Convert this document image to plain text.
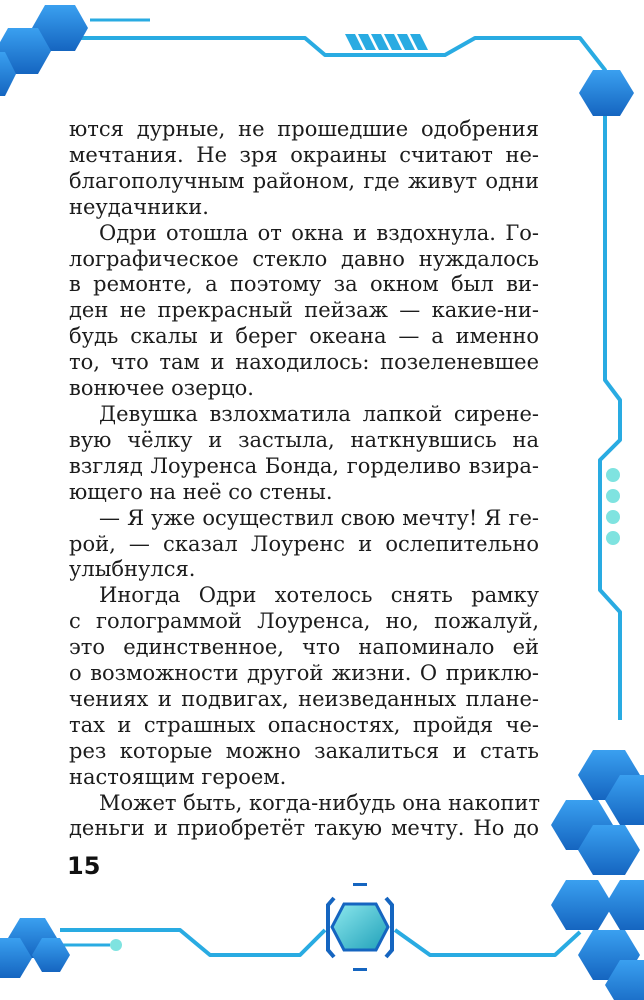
ются дурные, не прошедшие одобрения
мечтания. Не зря окраины считают не-
благополучным районом, где живут одни
неудачники.

Одри отошла от окна и вздохнула. Го-
лографическое стекло давно нуждалось
в ремонте, а поэтому за окном был ви-
ден не прекрасный пейзаж — какие-ни-
будь скалы и берег океана — а именно
то, что там и находилось: позеленевшее
вонючее озерцо.

Девушка взлохматила лапкой сирене-
вую чёлку и застыла, наткнувшись на
взгляд Лоуренса Бонда, горделиво взира-
ющего на неё со стены.

— Я уже осуществил свою мечту! Я ге-
рой, — сказал Лоуренс и ослепительно
улыбнулся.

Иногда Одри хотелось снять рамку
с голограммой Лоуренса, но, пожалуй,
это единственное, что напоминало ей
о возможности другой жизни. О приклю-
чениях и подвигах, неизведанных плане-
тах и страшных опасностях, пройдя че-
рез которые можно закалиться и стать
настоящим героем.

Может быть, когда-нибудь она накопит
деньги и приобретёт такую мечту. Но до

15
